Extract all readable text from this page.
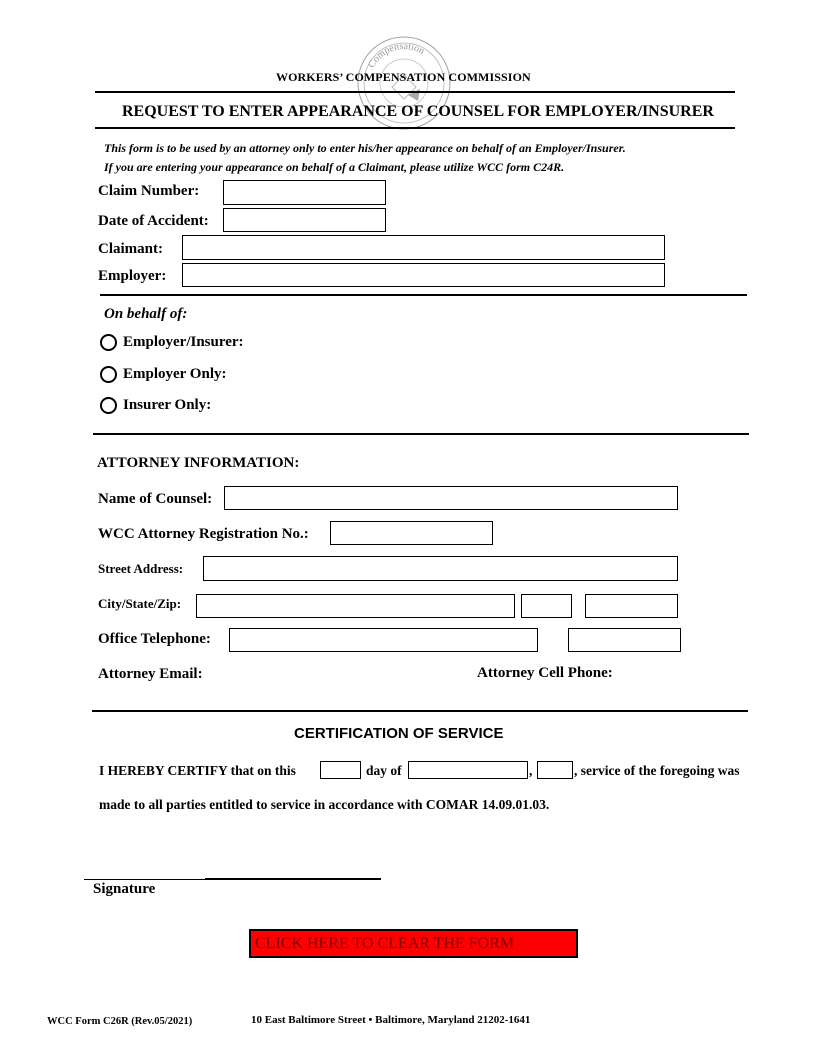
Compensation
WORKERS’ COMPENSATION COMMISSION
REQUEST TO ENTER APPEARANCE OF COUNSEL FOR EMPLOYER/INSURER
This form is to be used by an attorney only to enter his/her appearance on behalf of an Employer/Insurer.
If you are entering your appearance on behalf of a Claimant, please utilize WCC form C24R.
Claim Number:
Date of Accident:
Claimant:
Employer:
On behalf of:
Employer/Insurer:
Employer Only:
Insurer Only:
ATTORNEY INFORMATION:
Name of Counsel:
WCC Attorney Registration No.:
Street Address:
City/State/Zip:
Office Telephone:
Attorney Email:	Attorney Cell Phone:
CERTIFICATION OF SERVICE
I HEREBY CERTIFY that on this	day of	,	, service of the foregoing was
made to all parties entitled to service in accordance with COMAR 14.09.01.03.
Signature
CLICK HERE TO CLEAR THE FORM
WCC Form C26R (Rev.05/2021)	10 East Baltimore Street • Baltimore, Maryland 21202-1641
